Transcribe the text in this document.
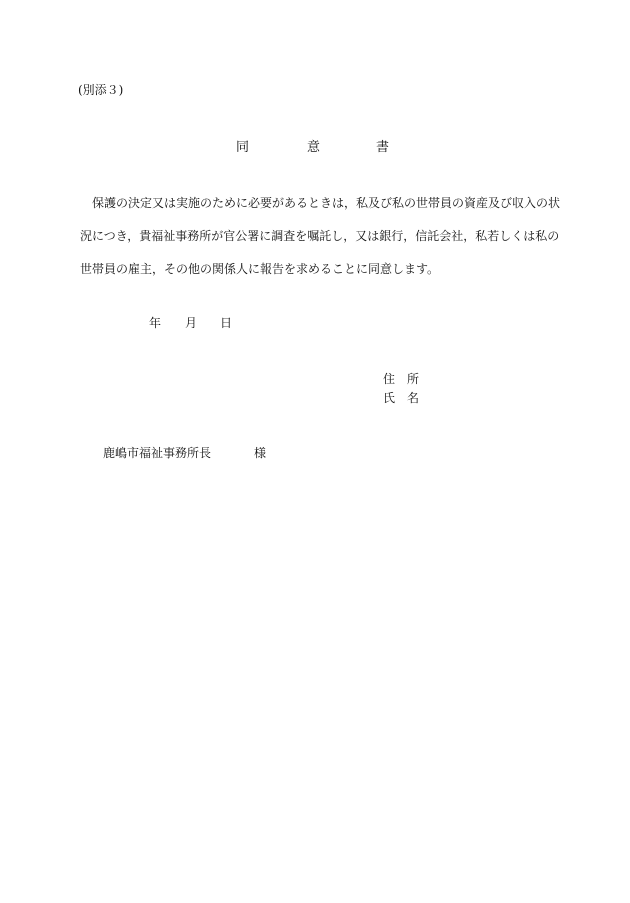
(別添３)
同	意	書
　保護の決定又は実施のために必要があるときは，私及び私の世帯員の資産及び収入の状
況につき，貴福祉事務所が官公署に調査を嘱託し，又は銀行，信託会社，私若しくは私の
世帯員の雇主，その他の関係人に報告を求めることに同意します。
年 月 日
住　所
氏　名
鹿嶋市福祉事務所長	様
